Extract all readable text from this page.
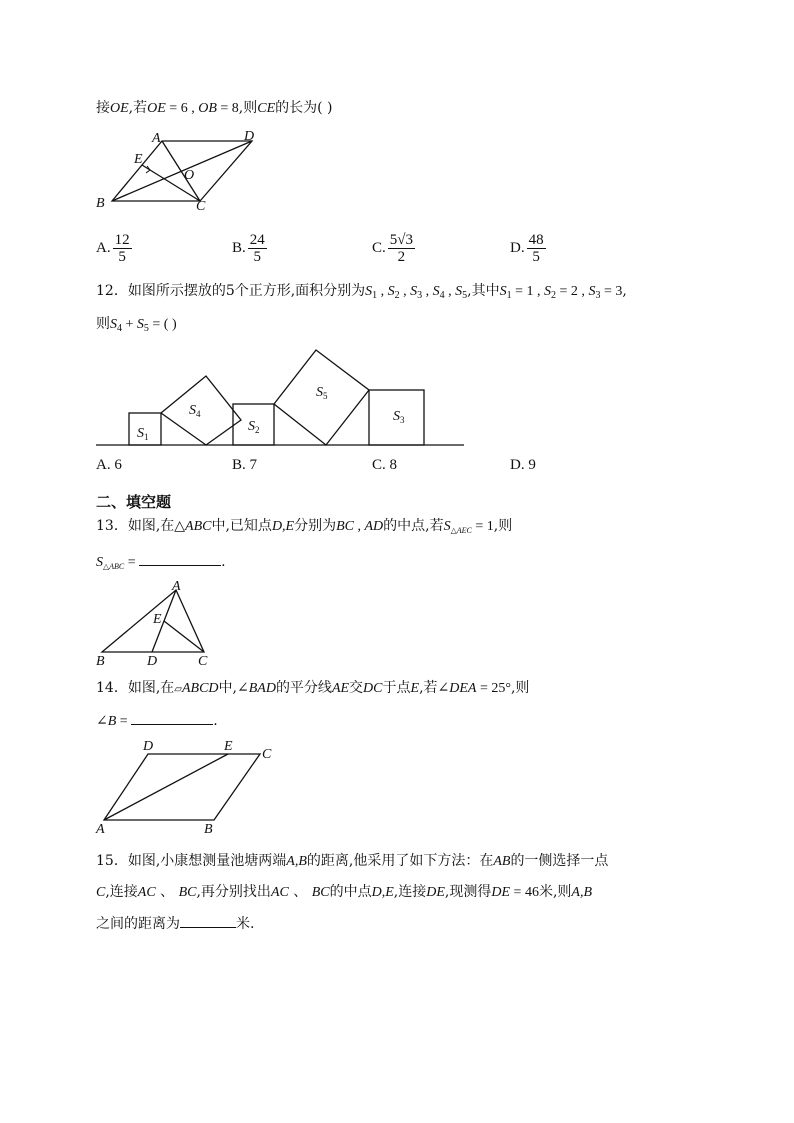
接OE,若OE = 6 , OB = 8,则CE的长为( )
A	D
E
O
B	C
A. $\frac{12}{5}$	B. $\frac{24}{5}$	C. $\frac{5√3}{2}$	D. $\frac{48}{5}$
12．如图所示摆放的5个正方形,面积分别为$S_1$ , $S_2$ , $S_3$ , $S_4$ , $S_5$,其中$S_1 = 1$ , $S_2 = 2$ , $S_3 = 3$,
则$S_4 + S_5$ = ( )
$S_1$
$S_4$
$S_2$
$S_5$
$S_3$
A. 6	B. 7	C. 8	D. 9
二、填空题
13．如图,在△ABC中,已知点D,E分别为BC , AD的中点,若$S_{\triangle AEC} = 1$,则
$S_{\triangle ABC}$ =	.
A
E
B	D	C
14．如图,在▱ABCD中,∠BAD的平分线AE交DC于点E,若∠DEA = 25°,则
∠B =	.
D	E
C
A	B
15．如图,小康想测量池塘两端A,B的距离,他采用了如下方法：在AB的一侧选择一点
C,连接AC 、 BC,再分别找出AC 、 BC的中点D,E,连接DE,现测得DE = 46米,则A,B
之间的距离为	米.
